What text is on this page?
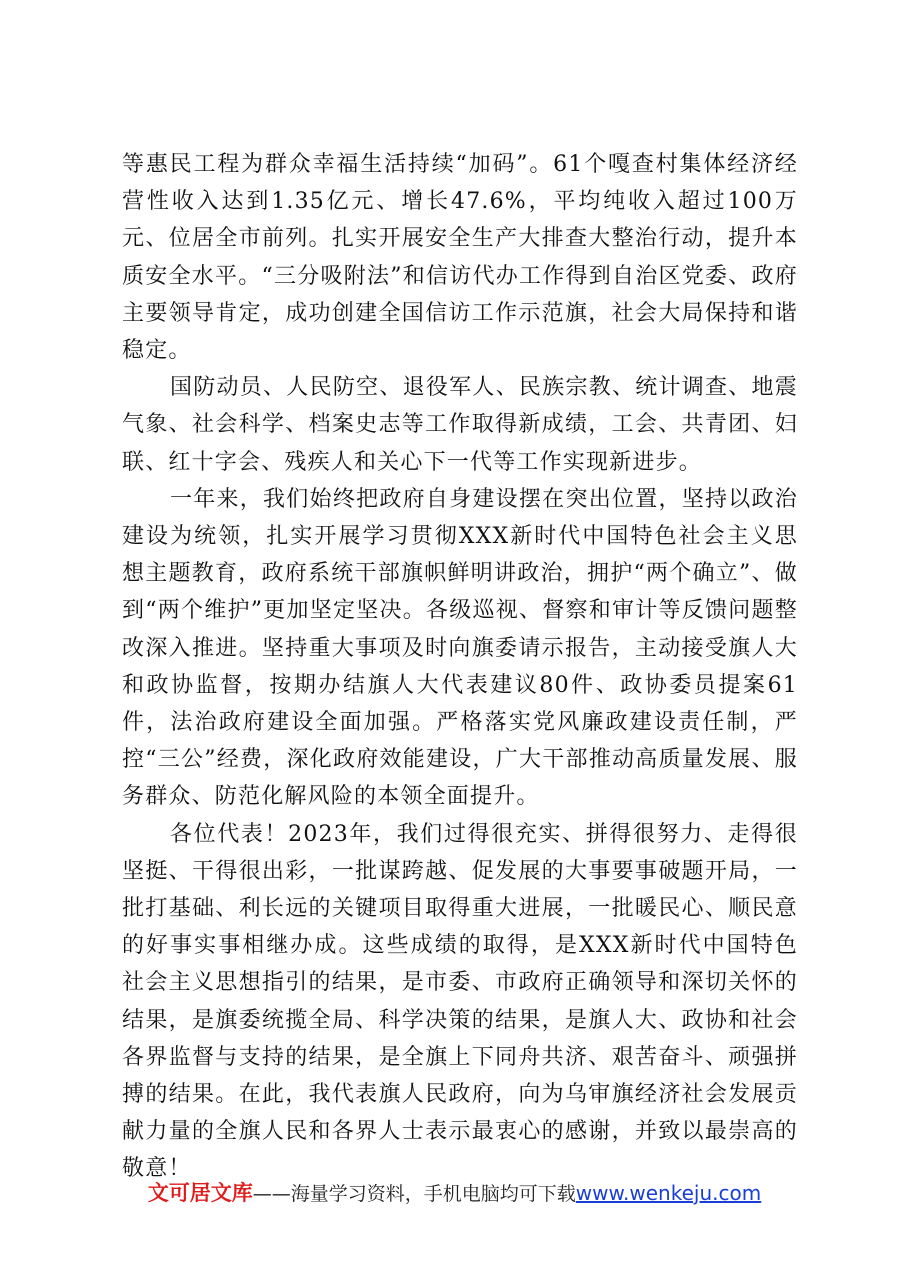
等惠民工程为群众幸福生活持续“加码”。61个嘎查村集体经济经营性收入达到1.35亿元、增长47.6%，平均纯收入超过100万元、位居全市前列。扎实开展安全生产大排查大整治行动，提升本质安全水平。“三分吸附法”和信访代办工作得到自治区党委、政府主要领导肯定，成功创建全国信访工作示范旗，社会大局保持和谐稳定。

国防动员、人民防空、退役军人、民族宗教、统计调查、地震气象、社会科学、档案史志等工作取得新成绩，工会、共青团、妇联、红十字会、残疾人和关心下一代等工作实现新进步。

一年来，我们始终把政府自身建设摆在突出位置，坚持以政治建设为统领，扎实开展学习贯彻XXX新时代中国特色社会主义思想主题教育，政府系统干部旗帜鲜明讲政治，拥护“两个确立”、做到“两个维护”更加坚定坚决。各级巡视、督察和审计等反馈问题整改深入推进。坚持重大事项及时向旗委请示报告，主动接受旗人大和政协监督，按期办结旗人大代表建议80件、政协委员提案61件，法治政府建设全面加强。严格落实党风廉政建设责任制，严控“三公”经费，深化政府效能建设，广大干部推动高质量发展、服务群众、防范化解风险的本领全面提升。

各位代表！2023年，我们过得很充实、拼得很努力、走得很坚挺、干得很出彩，一批谋跨越、促发展的大事要事破题开局，一批打基础、利长远的关键项目取得重大进展，一批暖民心、顺民意的好事实事相继办成。这些成绩的取得，是XXX新时代中国特色社会主义思想指引的结果，是市委、市政府正确领导和深切关怀的结果，是旗委统揽全局、科学决策的结果，是旗人大、政协和社会各界监督与支持的结果，是全旗上下同舟共济、艰苦奋斗、顽强拼搏的结果。在此，我代表旗人民政府，向为乌审旗经济社会发展贡献力量的全旗人民和各界人士表示最衷心的感谢，并致以最崇高的敬意！

文可居文库——海量学习资料，手机电脑均可下载www.wenkeju.com
